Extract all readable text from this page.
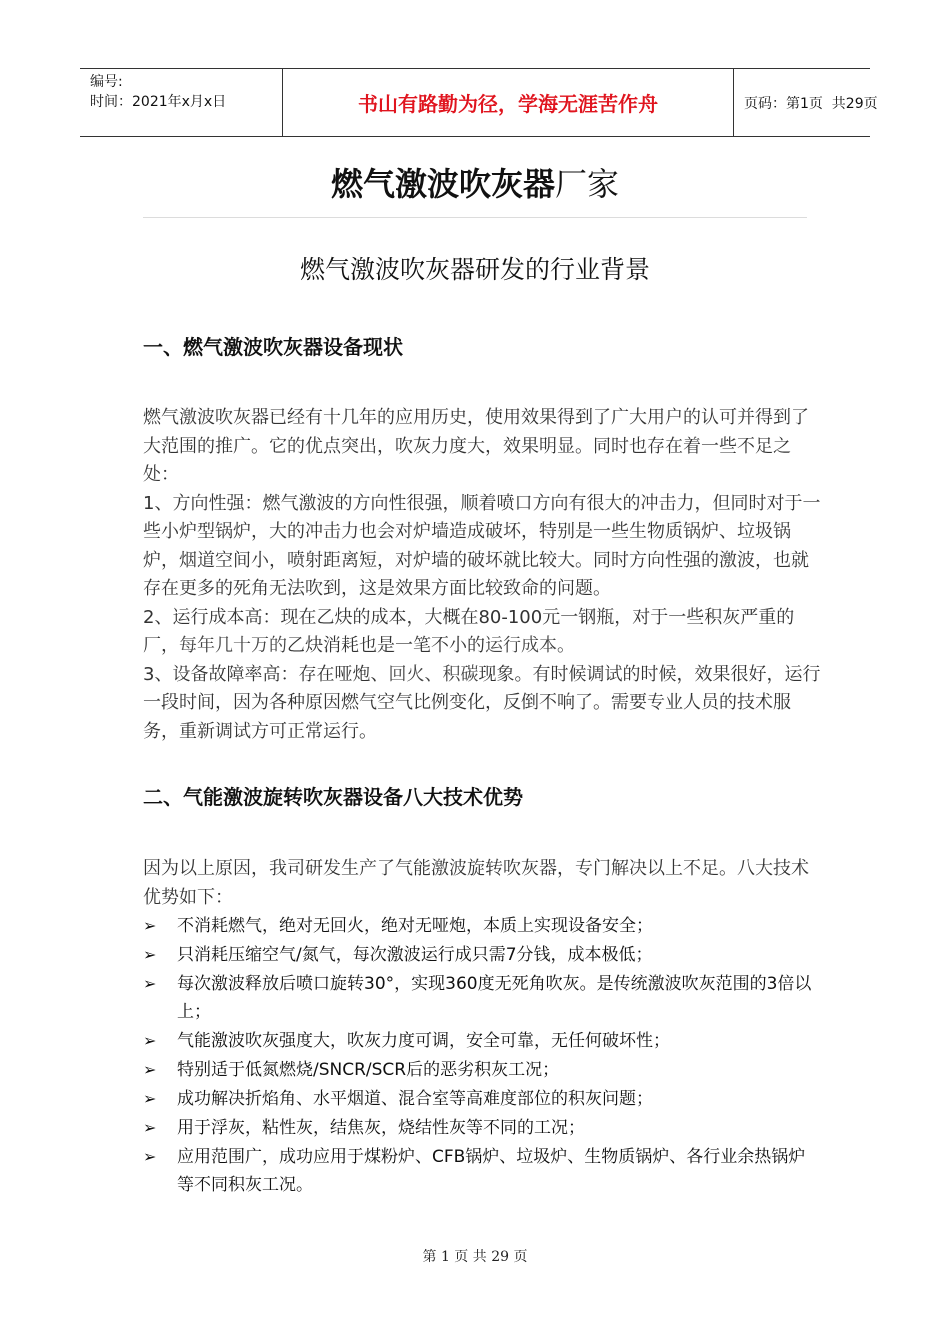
编号:
时间：2021年x月x日	书山有路勤为径，学海无涯苦作舟	页码：第1页  共29页
燃气激波吹灰器厂家
燃气激波吹灰器研发的行业背景
一、燃气激波吹灰器设备现状

燃气激波吹灰器已经有十几年的应用历史，使用效果得到了广大用户的认可并得到了大范围的推广。它的优点突出，吹灰力度大，效果明显。同时也存在着一些不足之处：

1、方向性强：燃气激波的方向性很强，顺着喷口方向有很大的冲击力，但同时对于一些小炉型锅炉，大的冲击力也会对炉墙造成破坏，特别是一些生物质锅炉、垃圾锅炉，烟道空间小，喷射距离短，对炉墙的破坏就比较大。同时方向性强的激波，也就存在更多的死角无法吹到，这是效果方面比较致命的问题。

2、运行成本高：现在乙炔的成本，大概在80-100元一钢瓶，对于一些积灰严重的厂，每年几十万的乙炔消耗也是一笔不小的运行成本。

3、设备故障率高：存在哑炮、回火、积碳现象。有时候调试的时候，效果很好，运行一段时间，因为各种原因燃气空气比例变化，反倒不响了。需要专业人员的技术服务，重新调试方可正常运行。

二、气能激波旋转吹灰器设备八大技术优势
因为以上原因，我司研发生产了气能激波旋转吹灰器，专门解决以上不足。八大技术优势如下：
➢ 不消耗燃气，绝对无回火，绝对无哑炮，本质上实现设备安全；
➢ 只消耗压缩空气/氮气，每次激波运行成只需7分钱，成本极低；
➢ 每次激波释放后喷口旋转30°，实现360度无死角吹灰。是传统激波吹灰范围的3倍以上；
➢ 气能激波吹灰强度大，吹灰力度可调，安全可靠，无任何破坏性；
➢ 特别适于低氮燃烧/SNCR/SCR后的恶劣积灰工况；
➢ 成功解决折焰角、水平烟道、混合室等高难度部位的积灰问题；
➢ 用于浮灰，粘性灰，结焦灰，烧结性灰等不同的工况；
➢ 应用范围广，成功应用于煤粉炉、CFB锅炉、垃圾炉、生物质锅炉、各行业余热锅炉等不同积灰工况。
第 1 页 共 29 页
